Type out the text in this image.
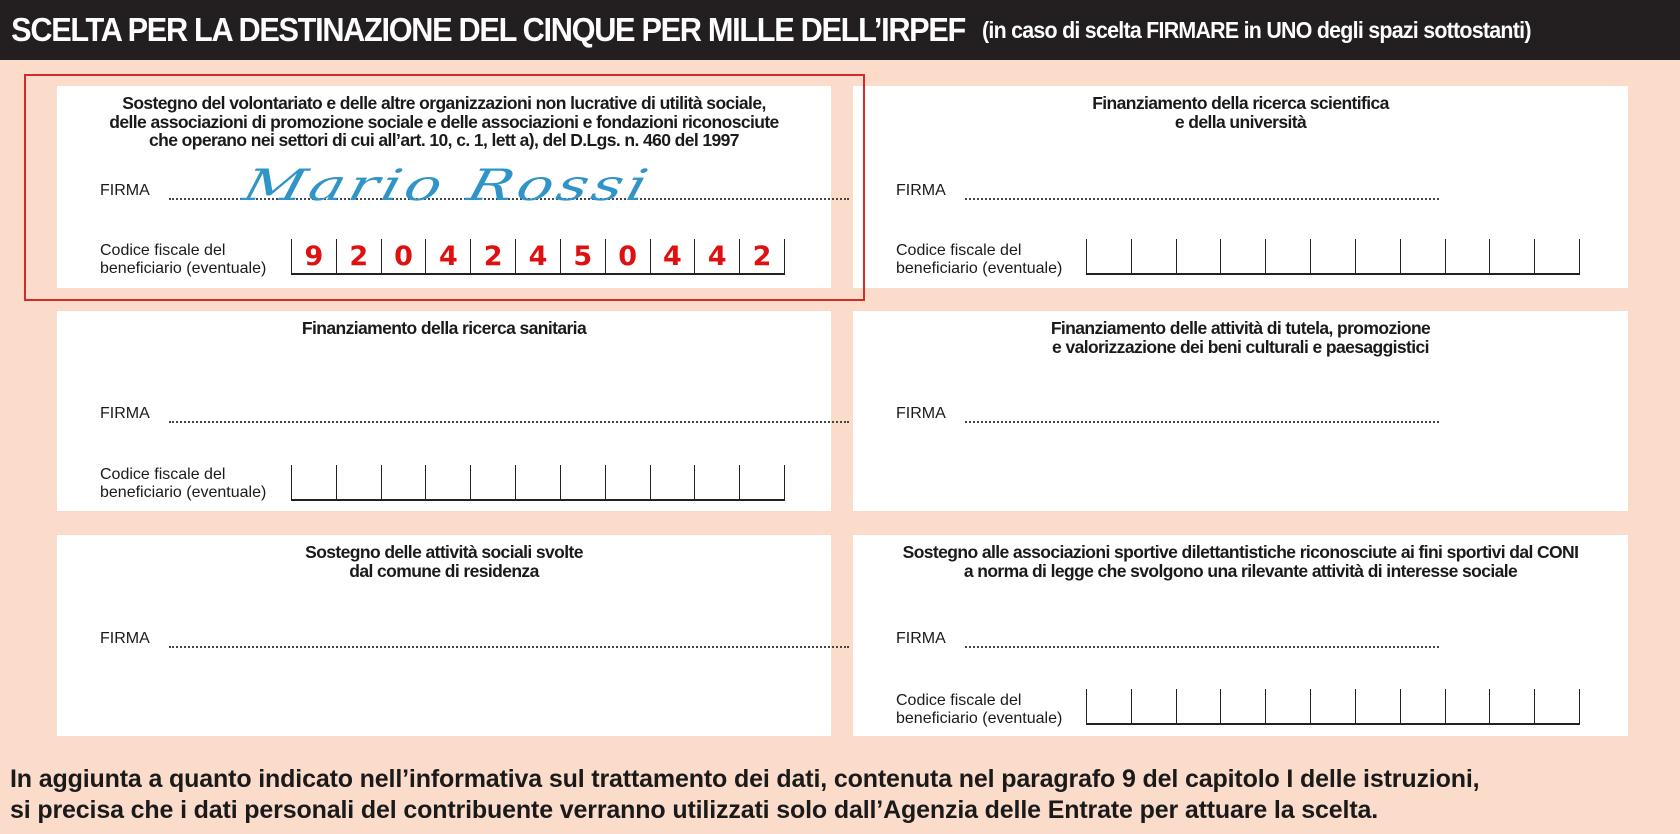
SCELTA PER LA DESTINAZIONE DEL CINQUE PER MILLE DELL’IRPEF (in caso di scelta FIRMARE in UNO degli spazi sottostanti)
Sostegno del volontariato e delle altre organizzazioni non lucrative di utilità sociale,
delle associazioni di promozione sociale e delle associazioni e fondazioni riconosciute
che operano nei settori di cui all’art. 10, c. 1, lett a), del D.Lgs. n. 460 del 1997
FIRMA
Codice fiscale del
beneficiario (eventuale)	9 2 0 4 2 4 5 0 4 4 2
Finanziamento della ricerca scientifica
e della università
FIRMA
Codice fiscale del
beneficiario (eventuale)
Finanziamento della ricerca sanitaria
FIRMA
Codice fiscale del
beneficiario (eventuale)
Finanziamento delle attività di tutela, promozione
e valorizzazione dei beni culturali e paesaggistici
FIRMA
Sostegno delle attività sociali svolte
dal comune di residenza
FIRMA
Sostegno alle associazioni sportive dilettantistiche riconosciute ai fini sportivi dal CONI
a norma di legge che svolgono una rilevante attività di interesse sociale
FIRMA
Codice fiscale del
beneficiario (eventuale)
Mario Rossi
In aggiunta a quanto indicato nell’informativa sul trattamento dei dati, contenuta nel paragrafo 9 del capitolo I delle istruzioni,
si precisa che i dati personali del contribuente verranno utilizzati solo dall’Agenzia delle Entrate per attuare la scelta.
